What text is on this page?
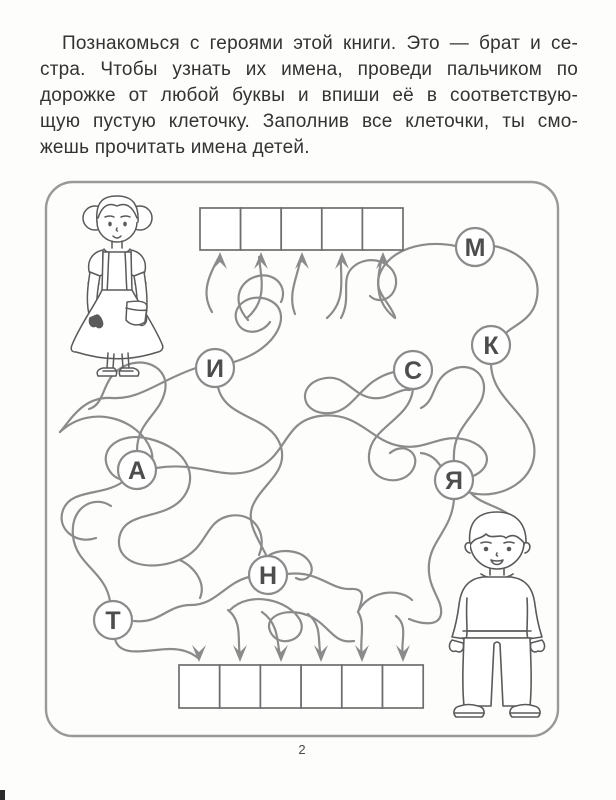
Познакомься с героями этой книги. Это — брат и се-
стра. Чтобы узнать их имена, проведи пальчиком по
дорожке от любой буквы и впиши её в соответствую-
щую пустую клеточку. Заполнив все клеточки, ты смо-
жешь прочитать имена детей.
М
И	С
К
А	Я
Н
Т
2
